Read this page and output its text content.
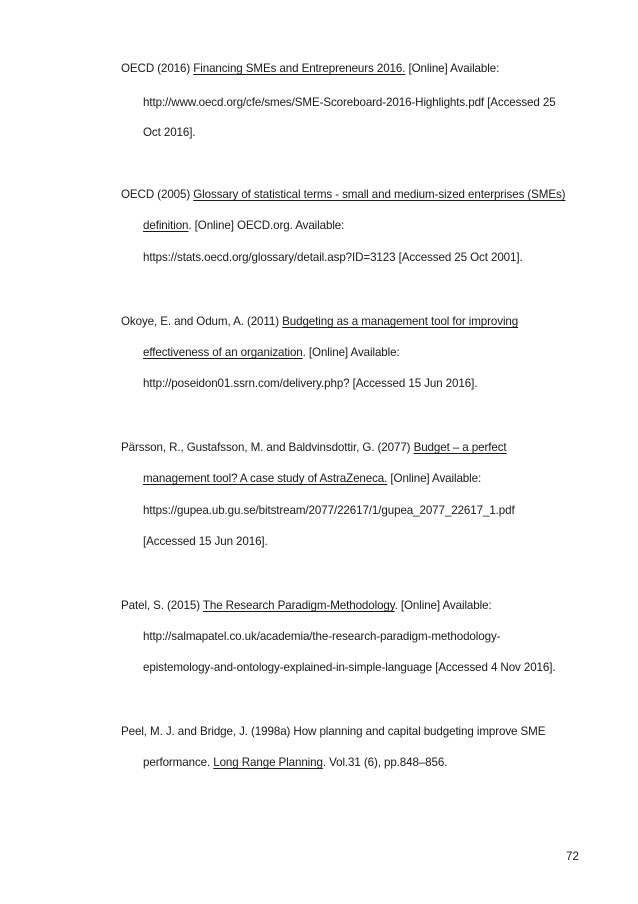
OECD (2016) Financing SMEs and Entrepreneurs 2016. [Online] Available:
http://www.oecd.org/cfe/smes/SME-Scoreboard-2016-Highlights.pdf [Accessed 25
Oct 2016].
OECD (2005) Glossary of statistical terms - small and medium-sized enterprises (SMEs)
definition. [Online] OECD.org. Available:
https://stats.oecd.org/glossary/detail.asp?ID=3123 [Accessed 25 Oct 2001].
Okoye, E. and Odum, A. (2011) Budgeting as a management tool for improving
effectiveness of an organization. [Online] Available:
http://poseidon01.ssrn.com/delivery.php? [Accessed 15 Jun 2016].
Pärsson, R., Gustafsson, M. and Baldvinsdottir, G. (2077) Budget – a perfect
management tool? A case study of AstraZeneca. [Online] Available:
https://gupea.ub.gu.se/bitstream/2077/22617/1/gupea_2077_22617_1.pdf
[Accessed 15 Jun 2016].
Patel, S. (2015) The Research Paradigm-Methodology. [Online] Available:
http://salmapatel.co.uk/academia/the-research-paradigm-methodology-
epistemology-and-ontology-explained-in-simple-language [Accessed 4 Nov 2016].
Peel, M. J. and Bridge, J. (1998a) How planning and capital budgeting improve SME
performance. Long Range Planning. Vol.31 (6), pp.848–856.
72
